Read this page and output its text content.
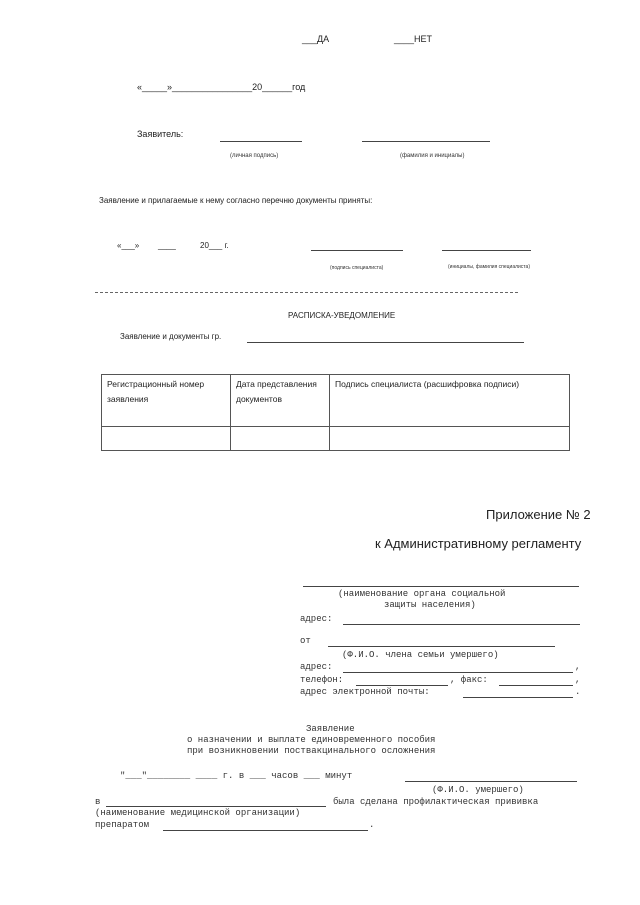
___ДА	____НЕТ
«_____»________________20______год
Заявитель:
(личная подпись)	(фамилия и инициалы)
Заявление и прилагаемые к нему согласно перечню документы приняты:
«___» ____	20___ г.
(подпись специалиста)	(инициалы, фамилия специалиста)
РАСПИСКА-УВЕДОМЛЕНИЕ
Заявление и документы гр.
Регистрационный номер заявления	Дата представления документов	Подпись специалиста (расшифровка подписи)

Приложение № 2
к Административному регламенту
(наименование органа социальной
защиты населения)
адрес:
от
(Ф.И.О. члена семьи умершего)
адрес:	,
телефон:	, факс:	,
адрес электронной почты:	.
Заявление
о назначении и выплате единовременного пособия
при возникновении поствакцинального осложнения
"___"________ ____ г. в ___ часов ___ минут
(Ф.И.О. умершего)
в	была сделана профилактическая прививка
(наименование медицинской организации)
препаратом	.
